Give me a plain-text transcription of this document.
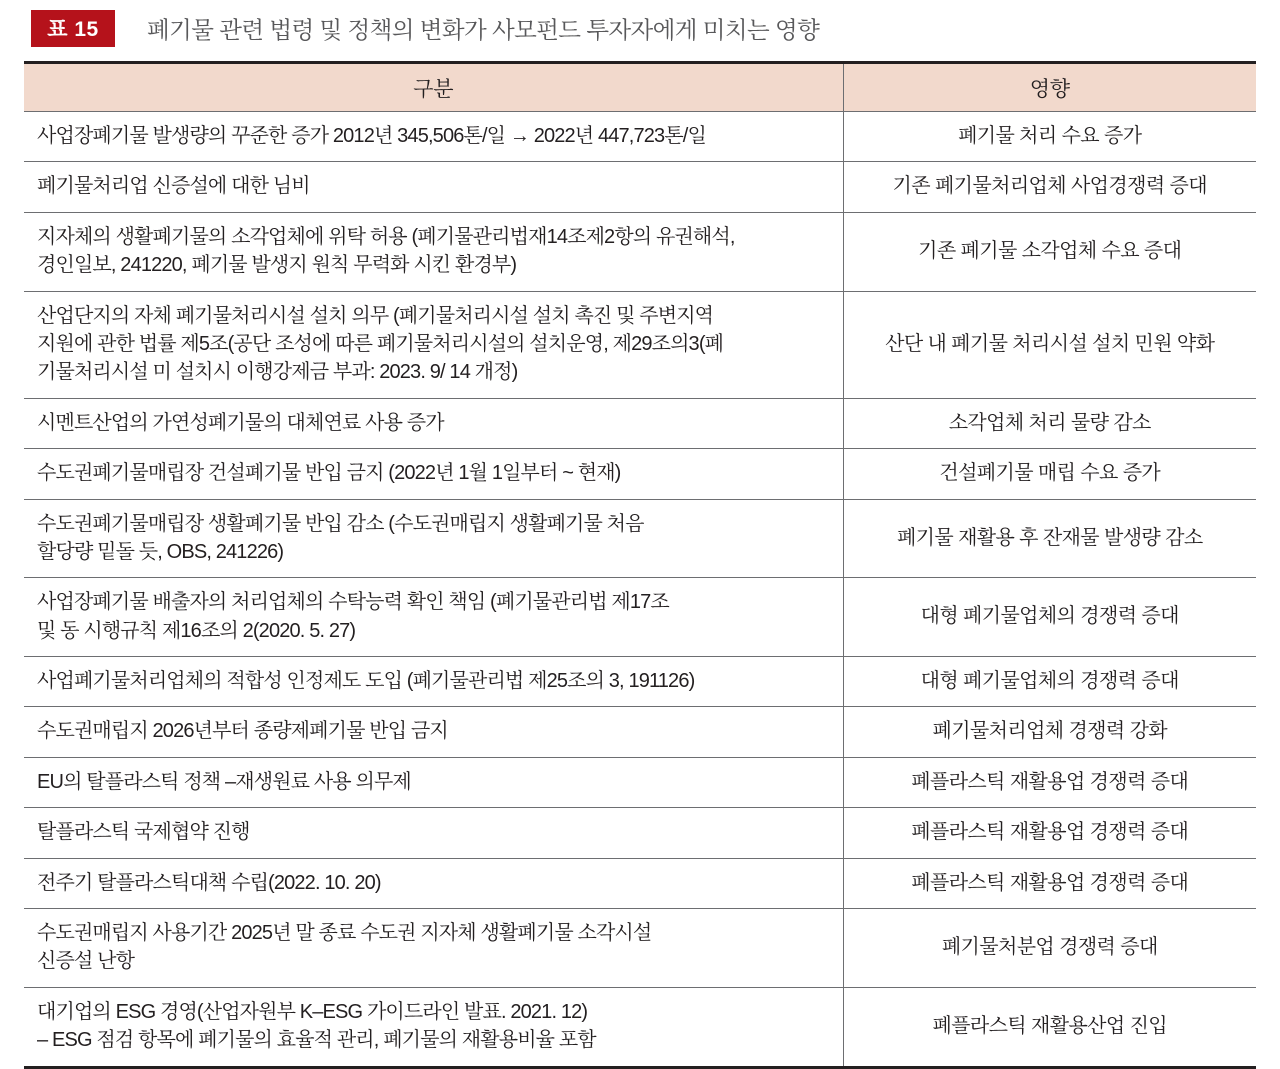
표 15	폐기물 관련 법령 및 정책의 변화가 사모펀드 투자자에게 미치는 영향
구분	영향

사업장폐기물 발생량의 꾸준한 증가 2012년 345,506톤/일 → 2022년 447,723톤/일	폐기물 처리 수요 증가

폐기물처리업 신증설에 대한 님비	기존 폐기물처리업체 사업경쟁력 증대

지자체의 생활폐기물의 소각업체에 위탁 허용 (폐기물관리법재14조제2항의 유권해석,
경인일보, 241220, 폐기물 발생지 원칙 무력화 시킨 환경부)	기존 폐기물 소각업체 수요 증대

산업단지의 자체 폐기물처리시설 설치 의무 (폐기물처리시설 설치 촉진 및 주변지역
지원에 관한 법률 제5조(공단 조성에 따른 폐기물처리시설의 설치운영, 제29조의3(폐
기물처리시설 미 설치시 이행강제금 부과: 2023. 9/ 14 개정)	산단 내 폐기물 처리시설 설치 민원 약화

시멘트산업의 가연성폐기물의 대체연료 사용 증가	소각업체 처리 물량 감소

수도권폐기물매립장 건설폐기물 반입 금지 (2022년 1월 1일부터 ~ 현재)	건설폐기물 매립 수요 증가

수도권폐기물매립장 생활폐기물 반입 감소 (수도권매립지 생활폐기물 처음
할당량 밑돌 듯, OBS, 241226)	폐기물 재활용 후 잔재물 발생량 감소

사업장폐기물 배출자의 처리업체의 수탁능력 확인 책임 (폐기물관리법 제17조
및 동 시행규칙 제16조의 2(2020. 5. 27)	대형 폐기물업체의 경쟁력 증대

사업폐기물처리업체의 적합성 인정제도 도입 (폐기물관리법 제25조의 3, 191126)	대형 폐기물업체의 경쟁력 증대

수도권매립지 2026년부터 종량제폐기물 반입 금지	폐기물처리업체 경쟁력 강화

EU의 탈플라스틱 정책 –재생원료 사용 의무제	폐플라스틱 재활용업 경쟁력 증대

탈플라스틱 국제협약 진행	폐플라스틱 재활용업 경쟁력 증대

전주기 탈플라스틱대책 수립(2022. 10. 20)	폐플라스틱 재활용업 경쟁력 증대

수도권매립지 사용기간 2025년 말 종료 수도권 지자체 생활폐기물 소각시설
신증설 난항	폐기물처분업 경쟁력 증대

대기업의 ESG 경영(산업자원부 K–ESG 가이드라인 발표. 2021. 12)
– ESG 점검 항목에 폐기물의 효율적 관리, 폐기물의 재활용비율 포함	폐플라스틱 재활용산업 진입
